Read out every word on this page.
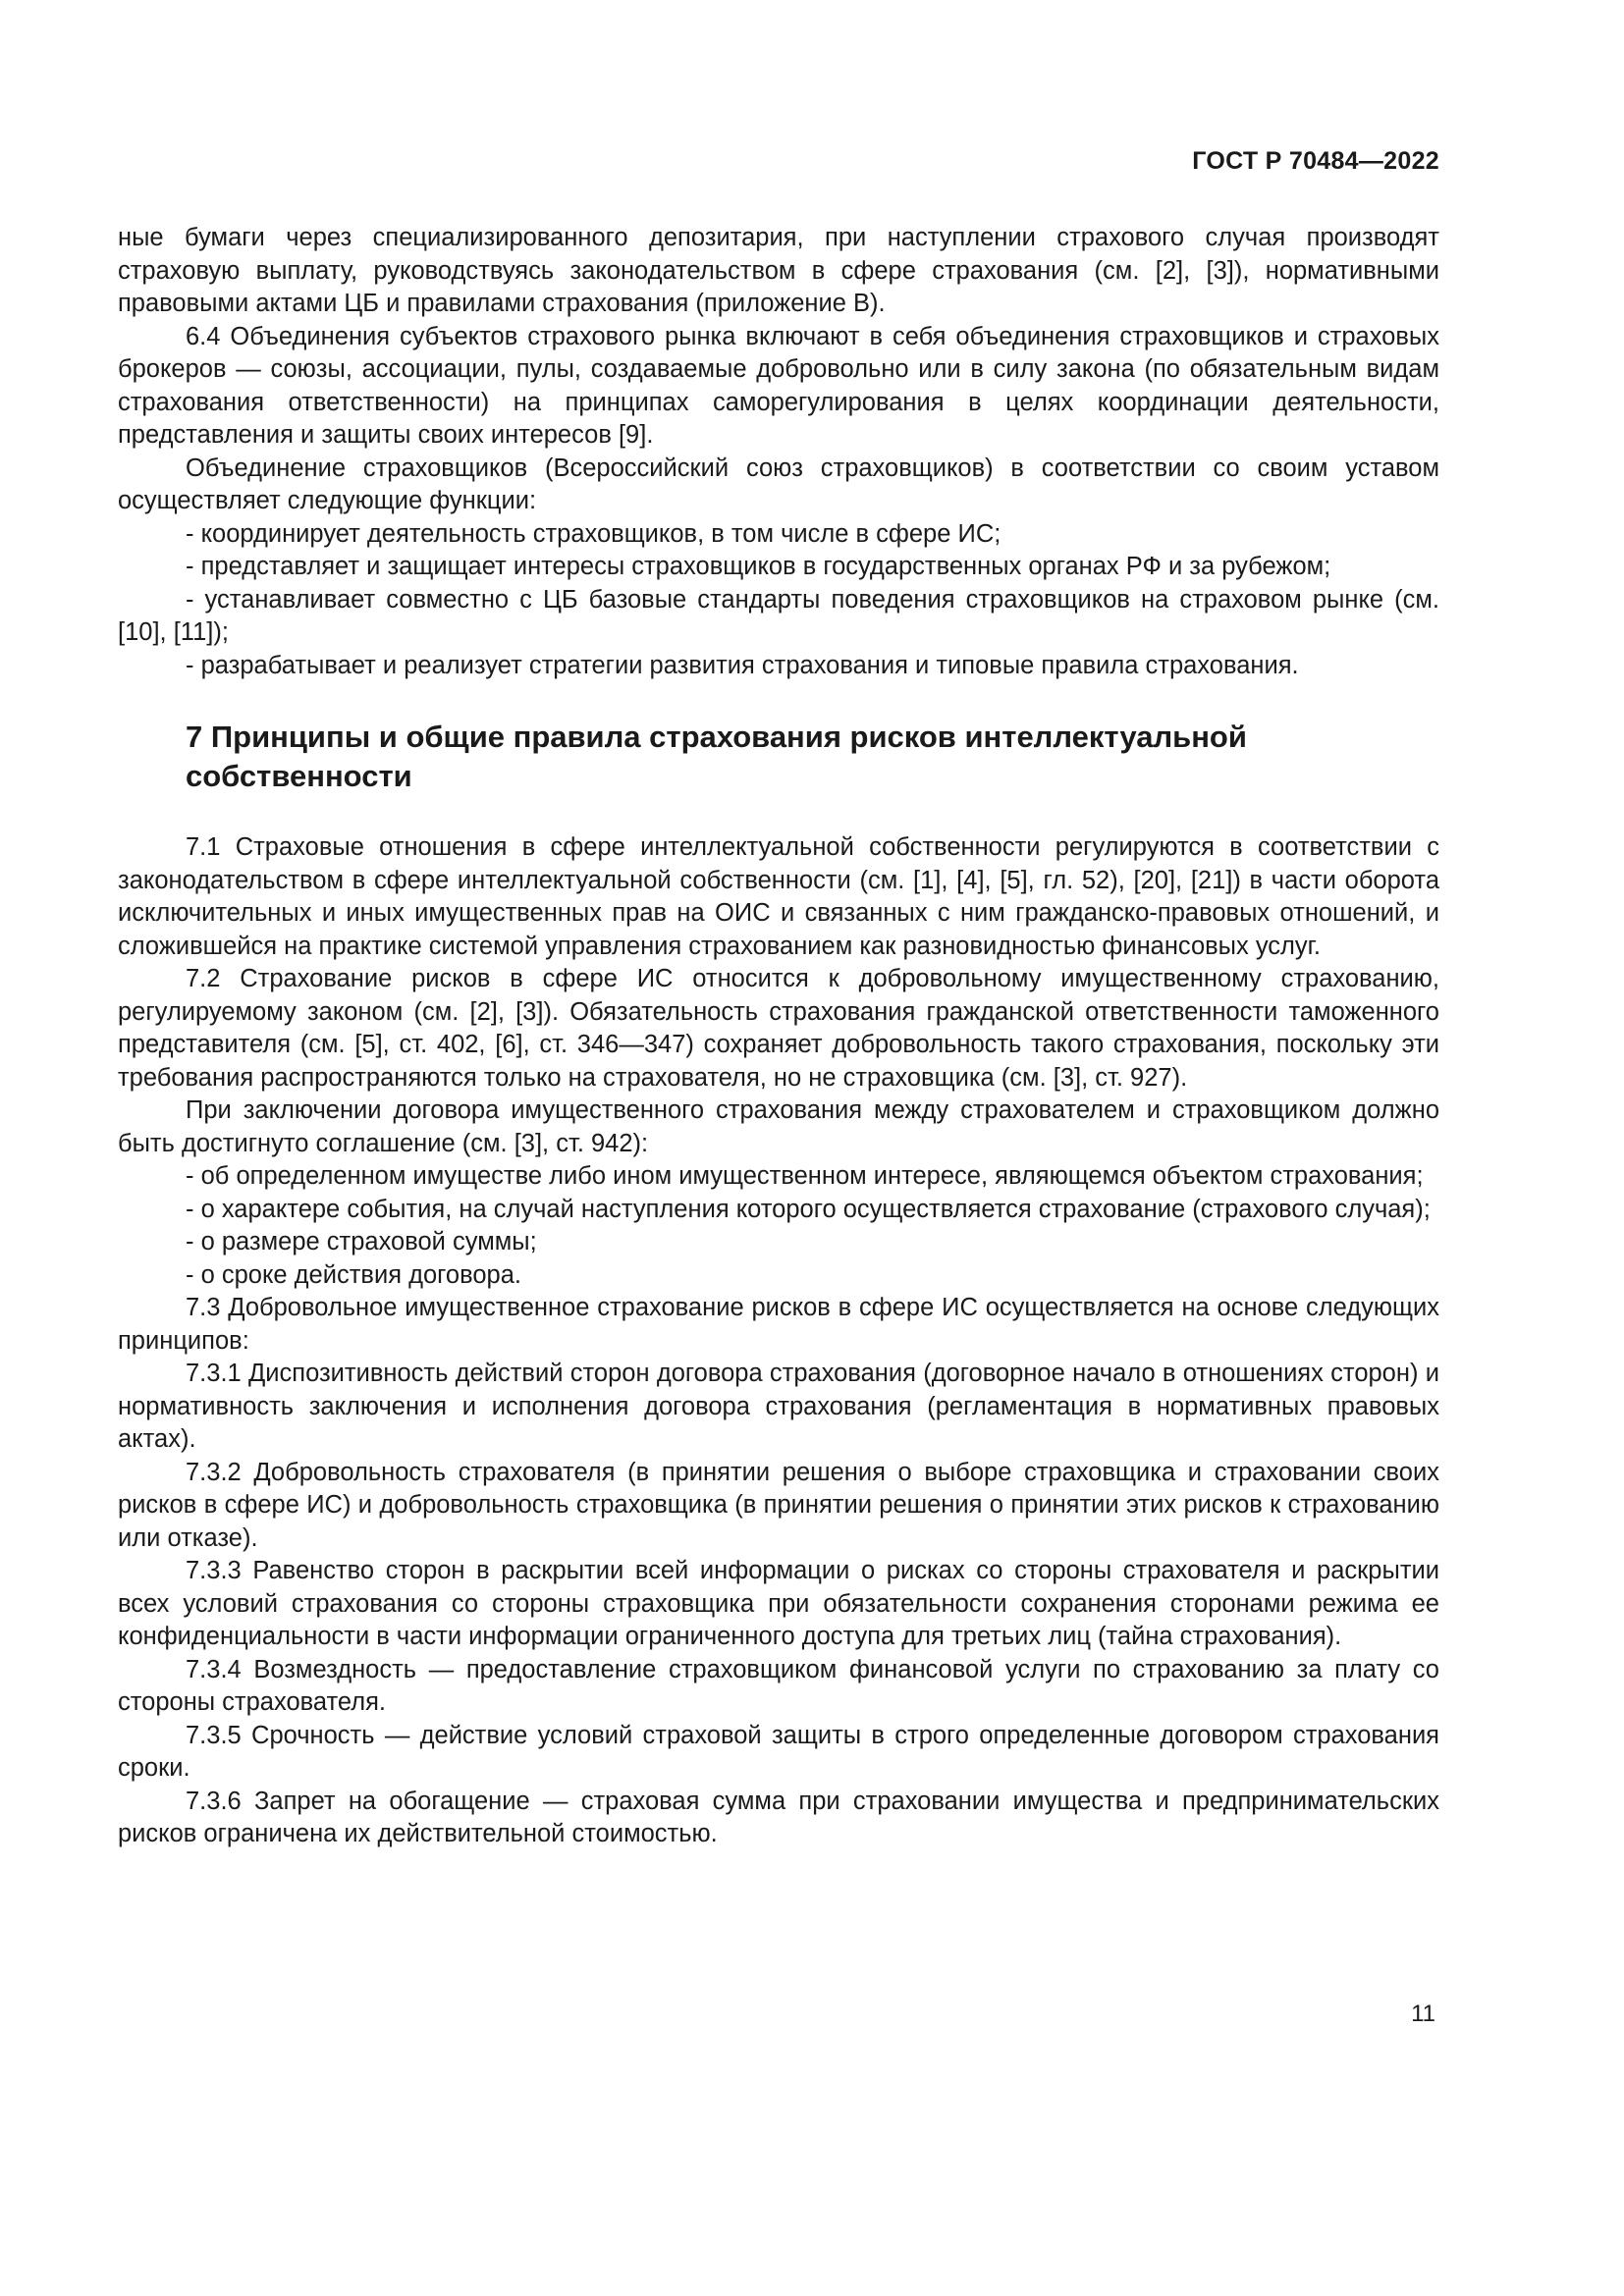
ГОСТ Р 70484—2022

ные бумаги через специализированного депозитария, при наступлении страхового случая производят страховую выплату, руководствуясь законодательством в сфере страхования (см. [2], [3]), нормативными правовыми актами ЦБ и правилами страхования (приложение В).

6.4 Объединения субъектов страхового рынка включают в себя объединения страховщиков и страховых брокеров — союзы, ассоциации, пулы, создаваемые добровольно или в силу закона (по обязательным видам страхования ответственности) на принципах саморегулирования в целях координации деятельности, представления и защиты своих интересов [9].

Объединение страховщиков (Всероссийский союз страховщиков) в соответствии со своим уставом осуществляет следующие функции:

- координирует деятельность страховщиков, в том числе в сфере ИС;

- представляет и защищает интересы страховщиков в государственных органах РФ и за рубежом;

- устанавливает совместно с ЦБ базовые стандарты поведения страховщиков на страховом рынке (см. [10], [11]);

- разрабатывает и реализует стратегии развития страхования и типовые правила страхования.

7 Принципы и общие правила страхования рисков интеллектуальной собственности

7.1 Страховые отношения в сфере интеллектуальной собственности регулируются в соответствии с законодательством в сфере интеллектуальной собственности (см. [1], [4], [5], гл. 52), [20], [21]) в части оборота исключительных и иных имущественных прав на ОИС и связанных с ним гражданско-правовых отношений, и сложившейся на практике системой управления страхованием как разновидностью финансовых услуг.

7.2 Страхование рисков в сфере ИС относится к добровольному имущественному страхованию, регулируемому законом (см. [2], [3]). Обязательность страхования гражданской ответственности таможенного представителя (см. [5], ст. 402, [6], ст. 346—347) сохраняет добровольность такого страхования, поскольку эти требования распространяются только на страхователя, но не страховщика (см. [3], ст. 927).

При заключении договора имущественного страхования между страхователем и страховщиком должно быть достигнуто соглашение (см. [3], ст. 942):

- об определенном имуществе либо ином имущественном интересе, являющемся объектом страхования;

- о характере события, на случай наступления которого осуществляется страхование (страхового случая);

- о размере страховой суммы;

- о сроке действия договора.

7.3 Добровольное имущественное страхование рисков в сфере ИС осуществляется на основе следующих принципов:

7.3.1 Диспозитивность действий сторон договора страхования (договорное начало в отношениях сторон) и нормативность заключения и исполнения договора страхования (регламентация в нормативных правовых актах).

7.3.2 Добровольность страхователя (в принятии решения о выборе страховщика и страховании своих рисков в сфере ИС) и добровольность страховщика (в принятии решения о принятии этих рисков к страхованию или отказе).

7.3.3 Равенство сторон в раскрытии всей информации о рисках со стороны страхователя и раскрытии всех условий страхования со стороны страховщика при обязательности сохранения сторонами режима ее конфиденциальности в части информации ограниченного доступа для третьих лиц (тайна страхования).

7.3.4 Возмездность — предоставление страховщиком финансовой услуги по страхованию за плату со стороны страхователя.

7.3.5 Срочность — действие условий страховой защиты в строго определенные договором страхования сроки.

7.3.6 Запрет на обогащение — страховая сумма при страховании имущества и предпринимательских рисков ограничена их действительной стоимостью.

11
